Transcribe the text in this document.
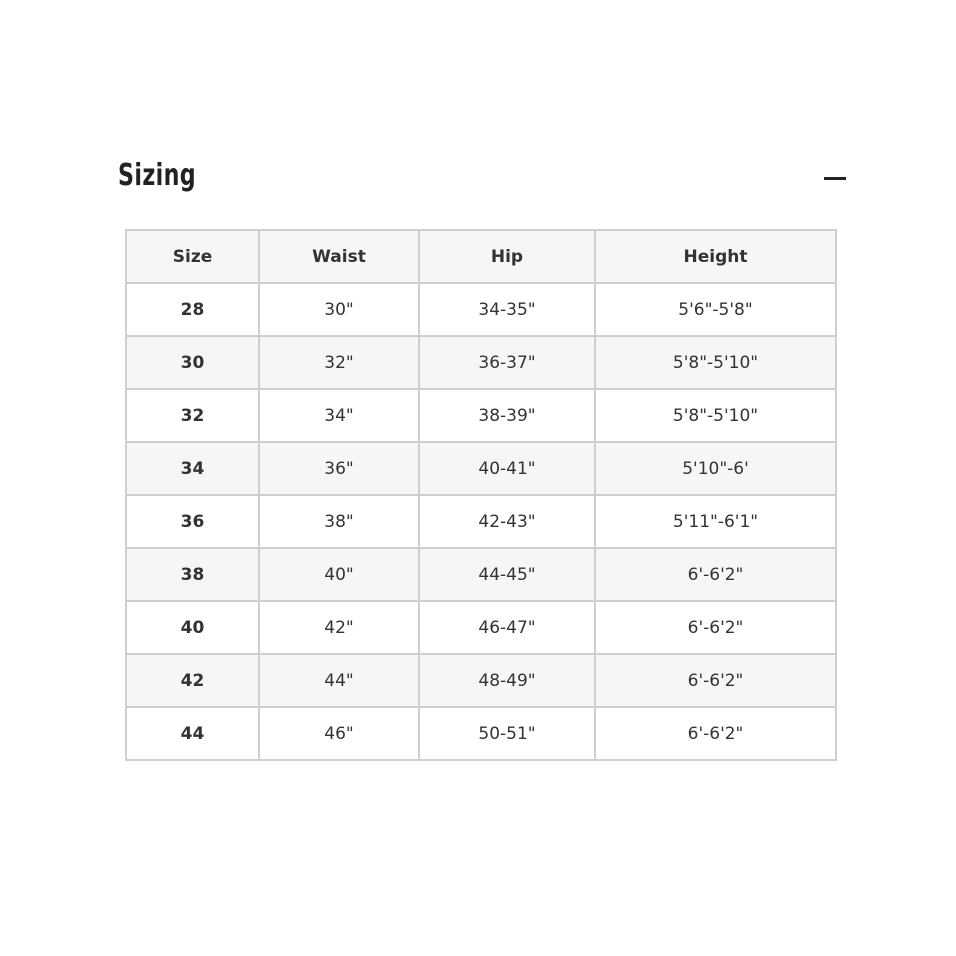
Sizing
Size	Waist	Hip	Height
28	30"	34-35"	5'6"-5'8"
30	32"	36-37"	5'8"-5'10"
32	34"	38-39"	5'8"-5'10"
34	36"	40-41"	5'10"-6'
36	38"	42-43"	5'11"-6'1"
38	40"	44-45"	6'-6'2"
40	42"	46-47"	6'-6'2"
42	44"	48-49"	6'-6'2"
44	46"	50-51"	6'-6'2"
